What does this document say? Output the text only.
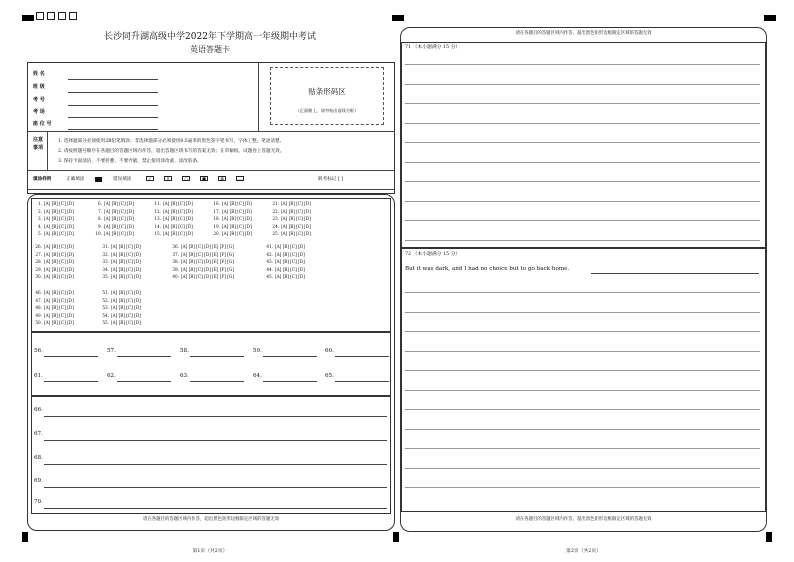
长沙同升湖高级中学2022年下学期高一年级期中考试
英语答题卡
姓 名
班 级
考 号
考 场
座 位 号
贴条形码区
（正面朝上，请勿贴出虚线方框）
注意事项
1. 选择题部分必须使用2B铅笔填涂；非选择题部分必须使用0.5毫米的黑色签字笔书写，字体工整、笔迹清楚。
2. 请按照题号顺序在各题目的答题区域内作答，超出答题区域书写的答案无效；在草稿纸、试题卷上答题无效。
3. 保持卡面清洁，不要折叠、不要弄破，禁止使用涂改液、涂改胶条。
填涂样例	正确填涂	错误填涂	✓	✕	○	■	⊠	—	缺考标记 [ ]
1. [A] [B] [C] [D]	6. [A] [B] [C] [D]	11. [A] [B] [C] [D]	16. [A] [B] [C] [D]	21. [A] [B] [C] [D]
2. [A] [B] [C] [D]	7. [A] [B] [C] [D]	12. [A] [B] [C] [D]	17. [A] [B] [C] [D]	22. [A] [B] [C] [D]
3. [A] [B] [C] [D]	8. [A] [B] [C] [D]	13. [A] [B] [C] [D]	18. [A] [B] [C] [D]	23. [A] [B] [C] [D]
4. [A] [B] [C] [D]	9. [A] [B] [C] [D]	14. [A] [B] [C] [D]	19. [A] [B] [C] [D]	24. [A] [B] [C] [D]
5. [A] [B] [C] [D]	10. [A] [B] [C] [D]	15. [A] [B] [C] [D]	20. [A] [B] [C] [D]	25. [A] [B] [C] [D]
26. [A] [B] [C] [D]	31. [A] [B] [C] [D]	36. [A] [B] [C] [D] [E] [F] [G]	41. [A] [B] [C] [D]
27. [A] [B] [C] [D]	32. [A] [B] [C] [D]	37. [A] [B] [C] [D] [E] [F] [G]	42. [A] [B] [C] [D]
28. [A] [B] [C] [D]	33. [A] [B] [C] [D]	38. [A] [B] [C] [D] [E] [F] [G]	43. [A] [B] [C] [D]
29. [A] [B] [C] [D]	34. [A] [B] [C] [D]	39. [A] [B] [C] [D] [E] [F] [G]	44. [A] [B] [C] [D]
30. [A] [B] [C] [D]	35. [A] [B] [C] [D]	40. [A] [B] [C] [D] [E] [F] [G]	45. [A] [B] [C] [D]
46. [A] [B] [C] [D]	51. [A] [B] [C] [D]
47. [A] [B] [C] [D]	52. [A] [B] [C] [D]
48. [A] [B] [C] [D]	53. [A] [B] [C] [D]
49. [A] [B] [C] [D]	54. [A] [B] [C] [D]
50. [A] [B] [C] [D]	55. [A] [B] [C] [D]
56.	57.	58.	59.	60.
61.	62.	63.	64.	65.
66.
67.
68.
69.
70.
请在各题目的答题区域内作答，超出黑色矩形边框限定区域的答题无效
第1页（共2页）
请在各题目的答题区域内作答，超出黑色矩形边框限定区域的答题无效
71 （本小题满分 15 分）
72 （本小题满分 15 分）
But it was dark, and I had no choice but to go back home.
请在各题目的答题区域内作答，超出黑色矩形边框限定区域的答题无效
第2页（共2页）
